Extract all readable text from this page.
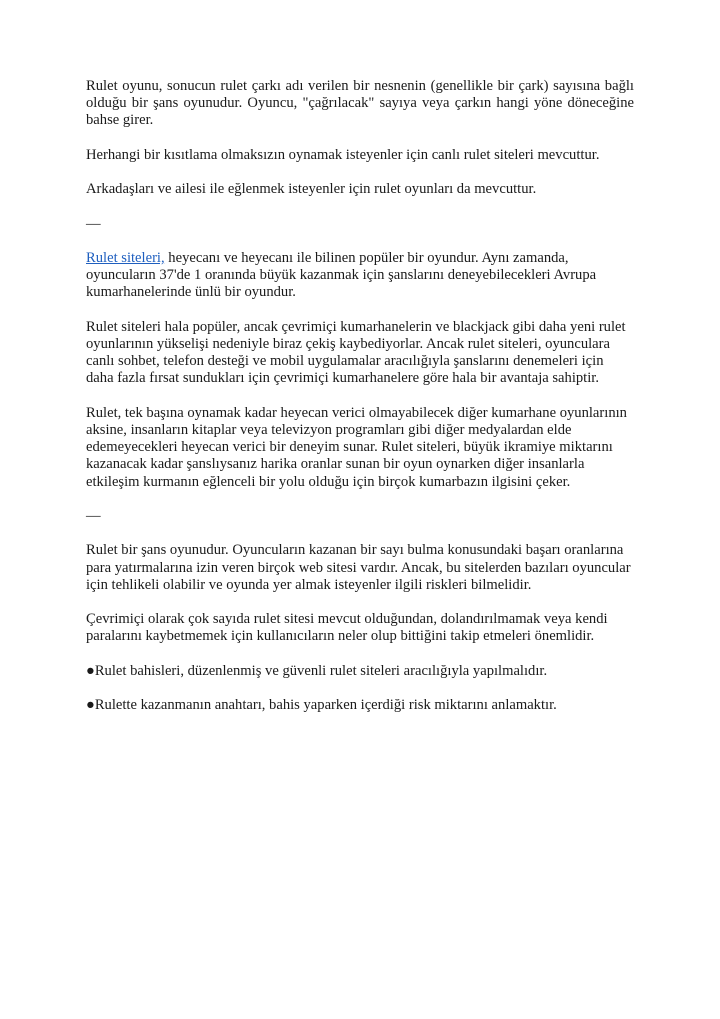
Rulet oyunu, sonucun rulet çarkı adı verilen bir nesnenin (genellikle bir çark) sayısına bağlı olduğu bir şans oyunudur. Oyuncu, "çağrılacak" sayıya veya çarkın hangi yöne döneceğine bahse girer.

Herhangi bir kısıtlama olmaksızın oynamak isteyenler için canlı rulet siteleri mevcuttur.

Arkadaşları ve ailesi ile eğlenmek isteyenler için rulet oyunları da mevcuttur.

—

Rulet siteleri, heyecanı ve heyecanı ile bilinen popüler bir oyundur. Aynı zamanda,

oyuncuların 37'de 1 oranında büyük kazanmak için şanslarını deneyebilecekleri Avrupa

kumarhanelerinde ünlü bir oyundur.

Rulet siteleri hala popüler, ancak çevrimiçi kumarhanelerin ve blackjack gibi daha yeni rulet

oyunlarının yükselişi nedeniyle biraz çekiş kaybediyorlar. Ancak rulet siteleri, oyunculara

canlı sohbet, telefon desteği ve mobil uygulamalar aracılığıyla şanslarını denemeleri için

daha fazla fırsat sundukları için çevrimiçi kumarhanelere göre hala bir avantaja sahiptir.

Rulet, tek başına oynamak kadar heyecan verici olmayabilecek diğer kumarhane oyunlarının

aksine, insanların kitaplar veya televizyon programları gibi diğer medyalardan elde

edemeyecekleri heyecan verici bir deneyim sunar. Rulet siteleri, büyük ikramiye miktarını

kazanacak kadar şanslıysanız harika oranlar sunan bir oyun oynarken diğer insanlarla

etkileşim kurmanın eğlenceli bir yolu olduğu için birçok kumarbazın ilgisini çeker.

—

Rulet bir şans oyunudur. Oyuncuların kazanan bir sayı bulma konusundaki başarı oranlarına

para yatırmalarına izin veren birçok web sitesi vardır. Ancak, bu sitelerden bazıları oyuncular

için tehlikeli olabilir ve oyunda yer almak isteyenler ilgili riskleri bilmelidir.

Çevrimiçi olarak çok sayıda rulet sitesi mevcut olduğundan, dolandırılmamak veya kendi

paralarını kaybetmemek için kullanıcıların neler olup bittiğini takip etmeleri önemlidir.

●Rulet bahisleri, düzenlenmiş ve güvenli rulet siteleri aracılığıyla yapılmalıdır.

●Rulette kazanmanın anahtarı, bahis yaparken içerdiği risk miktarını anlamaktır.
